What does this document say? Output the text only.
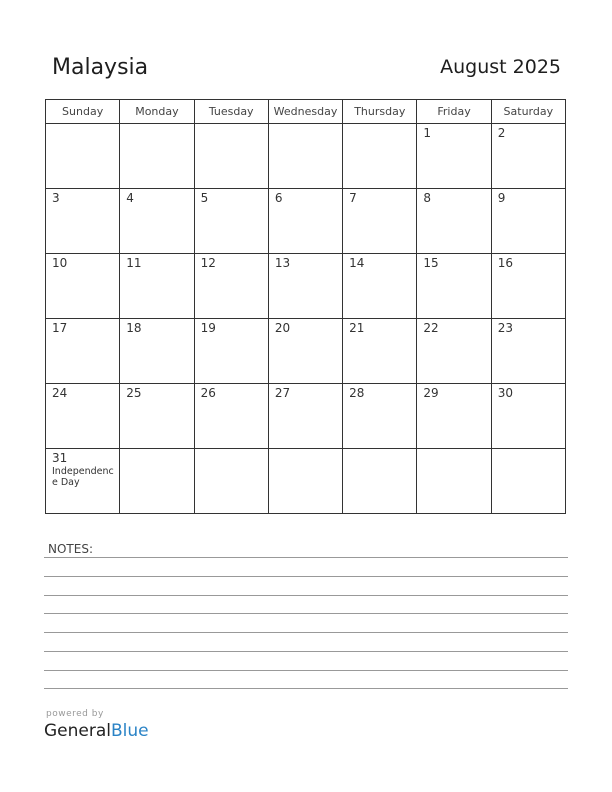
Malaysia	August 2025
Sunday	Monday	Tuesday	Wednesday	Thursday	Friday	Saturday

					1	2

3	4	5	6	7	8	9

10	11	12	13	14	15	16

17	18	19	20	21	22	23

24	25	26	27	28	29	30

31
Independence Day						

NOTES:
powered by
GeneralBlue
